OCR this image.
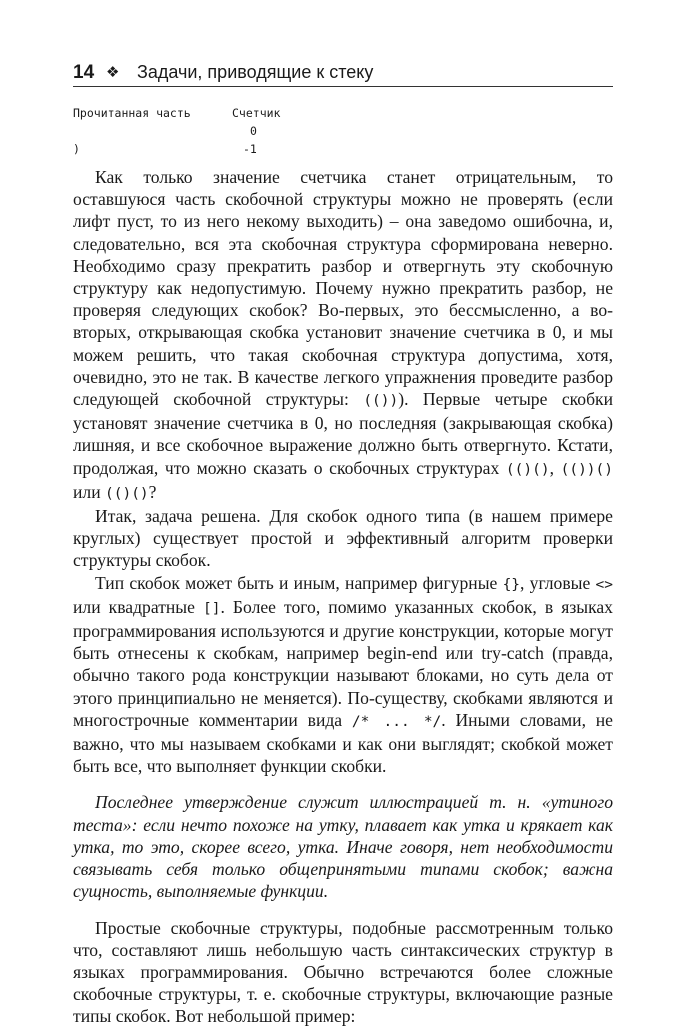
14 ❖ Задачи, приводящие к стеку
Прочитанная часть	Счетчик
0
)	-1

Как только значение счетчика станет отрицательным, то оставшуюся часть скобочной структуры можно не проверять (если лифт пуст, то из него некому выходить) – она заведомо ошибочна, и, следовательно, вся эта скобочная структура сформирована неверно. Необходимо сразу прекратить разбор и отвергнуть эту скобочную структуру как недопустимую. Почему нужно прекратить разбор, не проверяя следующих скобок? Во-первых, это бессмысленно, а во-вторых, открывающая скобка установит значение счетчика в 0, и мы можем решить, что такая скобочная структура допустима, хотя, очевидно, это не так. В качестве легкого упражнения проведите разбор следующей скобочной структуры: (())). Первые четыре скобки установят значение счетчика в 0, но последняя (закрывающая скобка) лишняя, и все скобочное выражение должно быть отвергнуто. Кстати, продолжая, что можно сказать о скобочных структурах (()(), (())() или (()()?

Итак, задача решена. Для скобок одного типа (в нашем примере круглых) существует простой и эффективный алгоритм проверки структуры скобок.

Тип скобок может быть и иным, например фигурные {}, угловые <> или квадратные []. Более того, помимо указанных скобок, в языках программирования используются и другие конструкции, которые могут быть отнесены к скобкам, например begin-end или try-catch (правда, обычно такого рода конструкции называют блоками, но суть дела от этого принципиально не меняется). По-существу, скобками являются и многострочные комментарии вида /* ... */. Иными словами, не важно, что мы называем скобками и как они выглядят; скобкой может быть все, что выполняет функции скобки.

Последнее утверждение служит иллюстрацией т. н. «утиного теста»: если нечто похоже на утку, плавает как утка и крякает как утка, то это, скорее всего, утка. Иначе говоря, нет необходимости связывать себя только общепринятыми типами скобок; важна сущность, выполняемые функции.

Простые скобочные структуры, подобные рассмотренным только что, составляют лишь небольшую часть синтаксических структур в языках программирования. Обычно встречаются более сложные скобочные структуры, т. е. скобочные структуры, включающие разные типы скобок. Вот небольшой пример:
